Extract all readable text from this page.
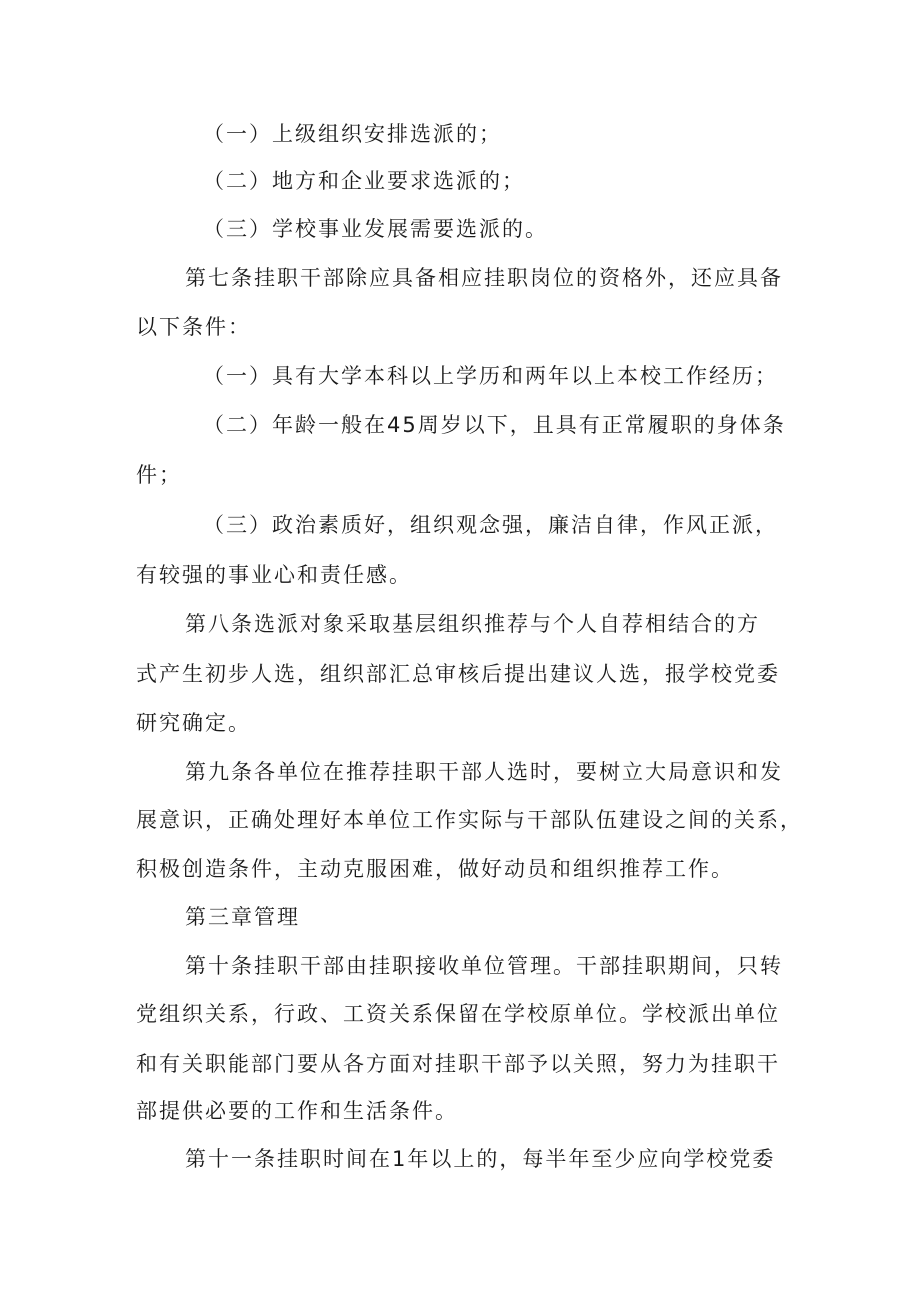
（一）上级组织安排选派的；
（二）地方和企业要求选派的；
（三）学校事业发展需要选派的。
第七条挂职干部除应具备相应挂职岗位的资格外，还应具备
以下条件：
（一）具有大学本科以上学历和两年以上本校工作经历；
（二）年龄一般在45周岁以下，且具有正常履职的身体条
件；
（三）政治素质好，组织观念强，廉洁自律，作风正派，
有较强的事业心和责任感。
第八条选派对象采取基层组织推荐与个人自荐相结合的方
式产生初步人选，组织部汇总审核后提出建议人选，报学校党委
研究确定。
第九条各单位在推荐挂职干部人选时，要树立大局意识和发
展意识，正确处理好本单位工作实际与干部队伍建设之间的关系，
积极创造条件，主动克服困难，做好动员和组织推荐工作。
第三章管理
第十条挂职干部由挂职接收单位管理。干部挂职期间，只转
党组织关系，行政、工资关系保留在学校原单位。学校派出单位
和有关职能部门要从各方面对挂职干部予以关照，努力为挂职干
部提供必要的工作和生活条件。
第十一条挂职时间在1年以上的，每半年至少应向学校党委
